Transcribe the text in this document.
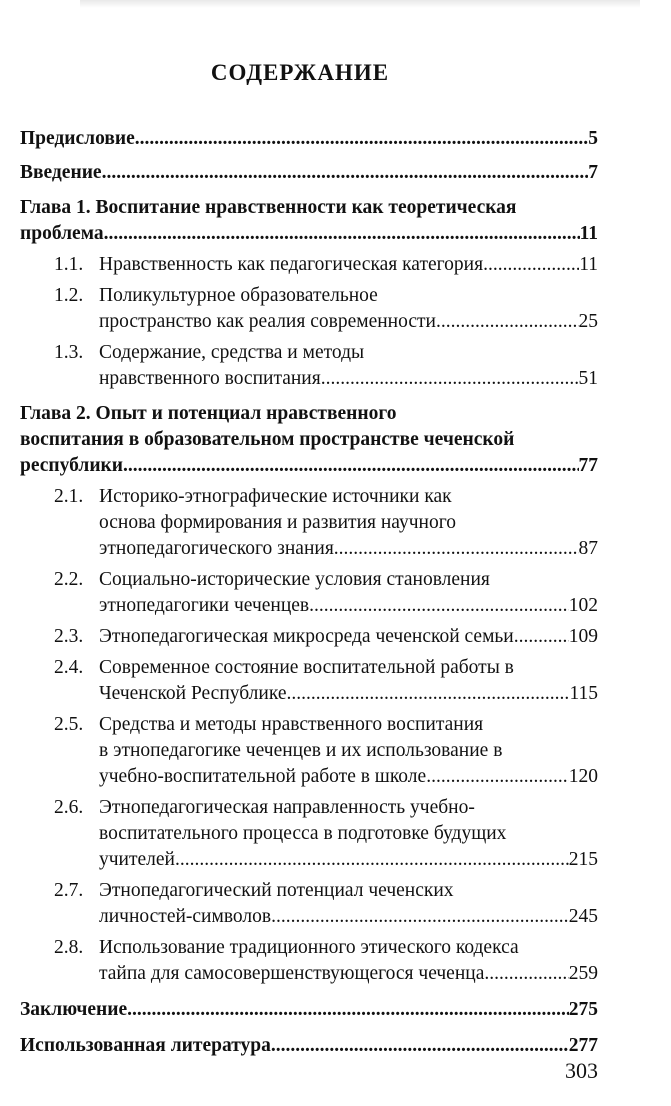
СОДЕРЖАНИЕ
Предисловие .....	5
Введение .....	7
Глава 1. Воспитание нравственности как теоретическая
проблема .....	11
1.1. Нравственность как педагогическая категория .....	11
1.2. Поликультурное образовательное
пространство как реалия современности .....	25
1.3. Содержание, средства и методы
нравственного воспитания .....	51
Глава 2. Опыт и потенциал нравственного
воспитания в образовательном пространстве чеченской
республики .....	77
2.1. Историко-этнографические источники как
основа формирования и развития научного
этнопедагогического знания .....	87
2.2. Социально-исторические условия становления
этнопедагогики чеченцев .....	102
2.3. Этнопедагогическая микросреда чеченской семьи .....	109
2.4. Современное состояние воспитательной работы в
Чеченской Республике .....	115
2.5. Средства и методы нравственного воспитания
в этнопедагогике чеченцев и их использование в
учебно-воспитательной работе в школе .....	120
2.6. Этнопедагогическая направленность учебно-
воспитательного процесса в подготовке будущих
учителей .....	215
2.7. Этнопедагогический потенциал чеченских
личностей-символов .....	245
2.8. Использование традиционного этического кодекса
тайпа для самосовершенствующегося чеченца .....	259
Заключение .....	275
Использованная литература .....	277
303
